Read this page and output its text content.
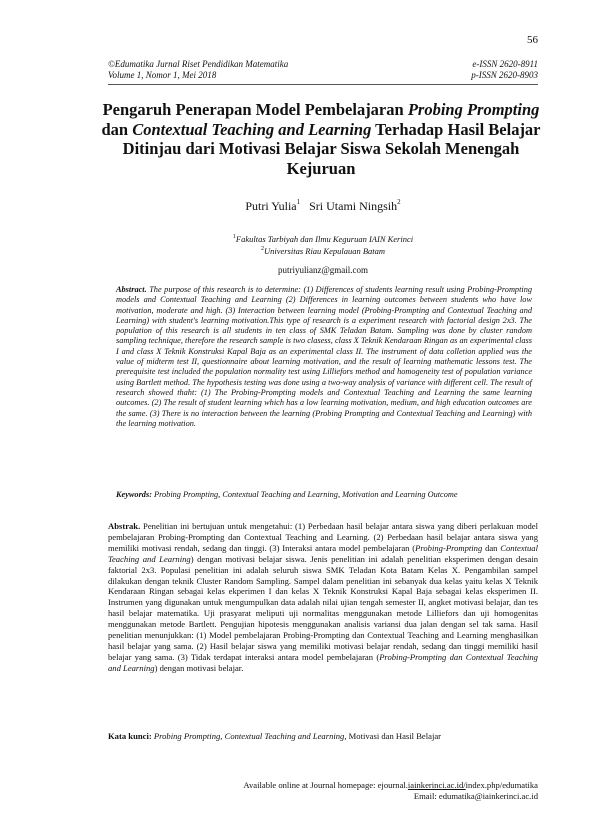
56
©Edumatika Jurnal Riset Pendidikan Matematika	e-ISSN 2620-8911
Volume 1, Nomor 1, Mei 2018	p-ISSN 2620-8903
Pengaruh Penerapan Model Pembelajaran Probing Prompting dan Contextual Teaching and Learning Terhadap Hasil Belajar Ditinjau dari Motivasi Belajar Siswa Sekolah Menengah Kejuruan
Putri Yulia$^1$ Sri Utami Ningsih$^2$
$^1$Fakultas Tarbiyah dan Ilmu Keguruan IAIN Kerinci
$^2$Universitas Riau Kepulauan Batam
putriyulianz@gmail.com

Abstract. The purpose of this research is to determine: (1) Differences of students learning result using Probing-Prompting models and Contextual Teaching and Learning (2) Differences in learning outcomes between students who have low motivation, moderate and high. (3) Interaction between learning model (Probing-Prompting and Contextual Teaching and Learning) with student's learning motivation.This type of research is a experiment research with factorial design 2x3. The population of this research is all students in ten class of SMK Teladan Batam. Sampling was done by cluster random sampling technique, therefore the research sample is two clasess, class X Teknik Kendaraan Ringan as an experimental class I and class X Teknik Konstruksi Kapal Baja as an experimental class II. The instrument of data colletion applied was the value of midterm test II, questionnaire about learning motivation, and the result of learning mathematic lessons test. The prerequisite test included the population normality test using Lilliefors method and homogeneity test of population variance using Bartlett method. The hypothesis testing was done using a two-way analysis of variance with different cell. The result of research showed thaht: (1) The Probing-Prompting models and Contextual Teaching and Learning the same learning outcomes. (2) The result of student learning which has a low learning motivation, medium, and high education outcomes are the same. (3) There is no interaction between the learning (Probing Prompting and Contextual Teaching and Learning) with the learning motivation.

Keywords: Probing Prompting, Contextual Teaching and Learning, Motivation and Learning Outcome

Abstrak. Penelitian ini bertujuan untuk mengetahui: (1) Perbedaan hasil belajar antara siswa yang diberi perlakuan model pembelajaran Probing-Prompting dan Contextual Teaching and Learning. (2) Perbedaan hasil belajar antara siswa yang memiliki motivasi rendah, sedang dan tinggi. (3) Interaksi antara model pembelajaran (Probing-Prompting dan Contextual Teaching and Learning) dengan motivasi belajar siswa. Jenis penelitian ini adalah penelitian eksperimen dengan desain faktorial 2x3. Populasi penelitian ini adalah seluruh siswa SMK Teladan Kota Batam Kelas X. Pengambilan sampel dilakukan dengan teknik Cluster Random Sampling. Sampel dalam penelitian ini sebanyak dua kelas yaitu kelas X Teknik Kendaraan Ringan sebagai kelas ekperimen I dan kelas X Teknik Konstruksi Kapal Baja sebagai kelas eksperimen II. Instrumen yang digunakan untuk mengumpulkan data adalah nilai ujian tengah semester II, angket motivasi belajar, dan tes hasil belajar matematika. Uji prasyarat meliputi uji normalitas menggunakan metode Lilliefors dan uji homogenitas menggunakan metode Bartlett. Pengujian hipotesis menggunakan analisis variansi dua jalan dengan sel tak sama. Hasil penelitian menunjukkan: (1) Model pembelajaran Probing-Prompting dan Contextual Teaching and Learning menghasilkan hasil belajar yang sama. (2) Hasil belajar siswa yang memiliki motivasi belajar rendah, sedang dan tinggi memiliki hasil belajar yang sama. (3) Tidak terdapat interaksi antara model pembelajaran (Probing-Prompting dan Contextual Teaching and Learning) dengan motivasi belajar.

Kata kunci: Probing Prompting, Contextual Teaching and Learning, Motivasi dan Hasil Belajar

Available online at Journal homepage: ejournal.iainkerinci.ac.id/index.php/edumatika
Email: edumatika@iainkerinci.ac.id
